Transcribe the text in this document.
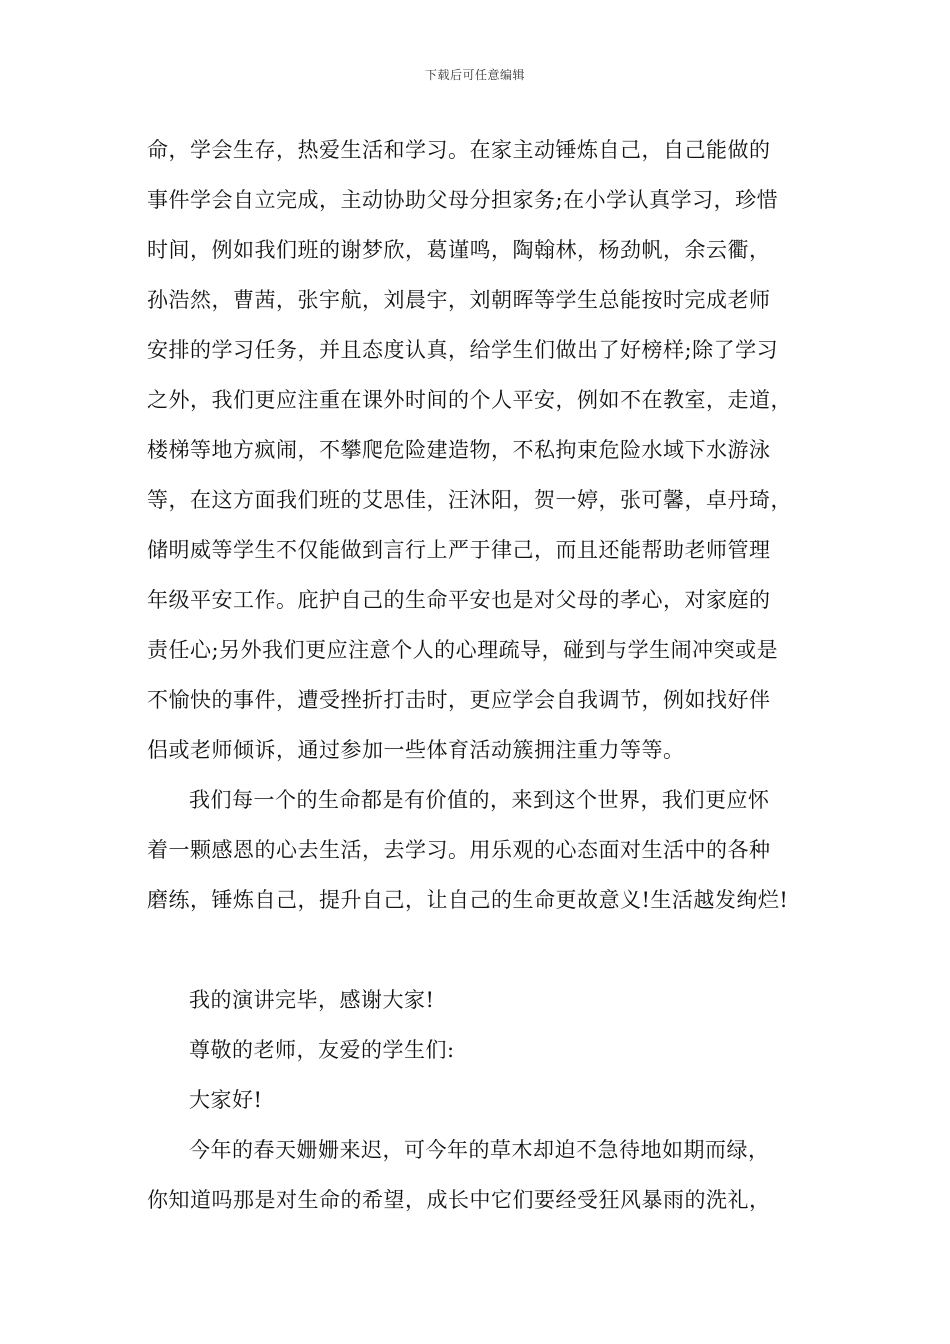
下载后可任意编辑
命，学会生存，热爱生活和学习。在家主动锤炼自己，自己能做的
事件学会自立完成，主动协助父母分担家务;在小学认真学习，珍惜
时间，例如我们班的谢梦欣，葛谨鸣，陶翰林，杨劲帆，余云衢，
孙浩然，曹茜，张宇航，刘晨宇，刘朝晖等学生总能按时完成老师
安排的学习任务，并且态度认真，给学生们做出了好榜样;除了学习
之外，我们更应注重在课外时间的个人平安，例如不在教室，走道，
楼梯等地方疯闹，不攀爬危险建造物，不私拘束危险水域下水游泳
等，在这方面我们班的艾思佳，汪沐阳，贺一婷，张可馨，卓丹琦，
储明威等学生不仅能做到言行上严于律己，而且还能帮助老师管理
年级平安工作。庇护自己的生命平安也是对父母的孝心，对家庭的
责任心;另外我们更应注意个人的心理疏导，碰到与学生闹冲突或是
不愉快的事件，遭受挫折打击时，更应学会自我调节，例如找好伴
侣或老师倾诉，通过参加一些体育活动簇拥注重力等等。
我们每一个的生命都是有价值的，来到这个世界，我们更应怀
着一颗感恩的心去生活，去学习。用乐观的心态面对生活中的各种
磨练，锤炼自己，提升自己，让自己的生命更故意义!生活越发绚烂!
我的演讲完毕，感谢大家!
尊敬的老师，友爱的学生们:
大家好!
今年的春天姗姗来迟，可今年的草木却迫不急待地如期而绿，
你知道吗那是对生命的希望，成长中它们要经受狂风暴雨的洗礼，
